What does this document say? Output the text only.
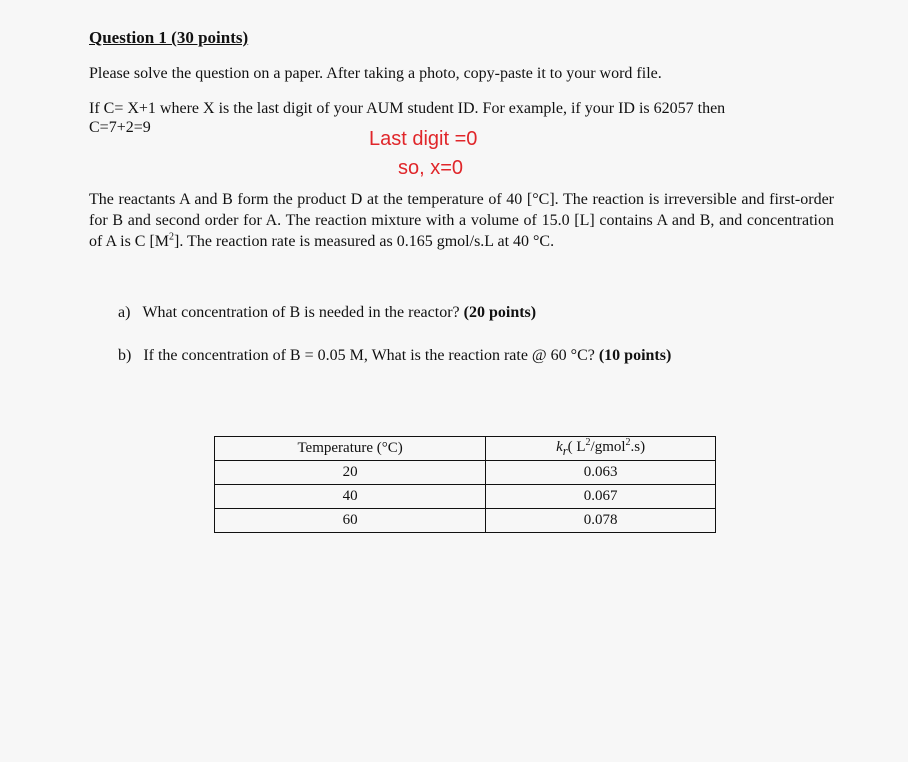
Question 1 (30 points)
Please solve the question on a paper. After taking a photo, copy-paste it to your word file.
If C= X+1 where X is the last digit of your AUM student ID. For example, if your ID is 62057 then
C=7+2=9
Last digit =0
so, x=0
The reactants A and B form the product D at the temperature of 40 [°C]. The reaction is irreversible and first-order for B and second order for A. The reaction mixture with a volume of 15.0 [L] contains A and B, and concentration of A is C $[M^2]$. The reaction rate is measured as 0.165 gmol/s.L at 40 °C.
a) What concentration of B is needed in the reactor? (20 points)
b) If the concentration of B = 0.05 M, What is the reaction rate @ 60 °C? (10 points)
Temperature (°C)	$k_r$( $L^2/gmol^2.s$)
20	0.063
40	0.067
60	0.078
